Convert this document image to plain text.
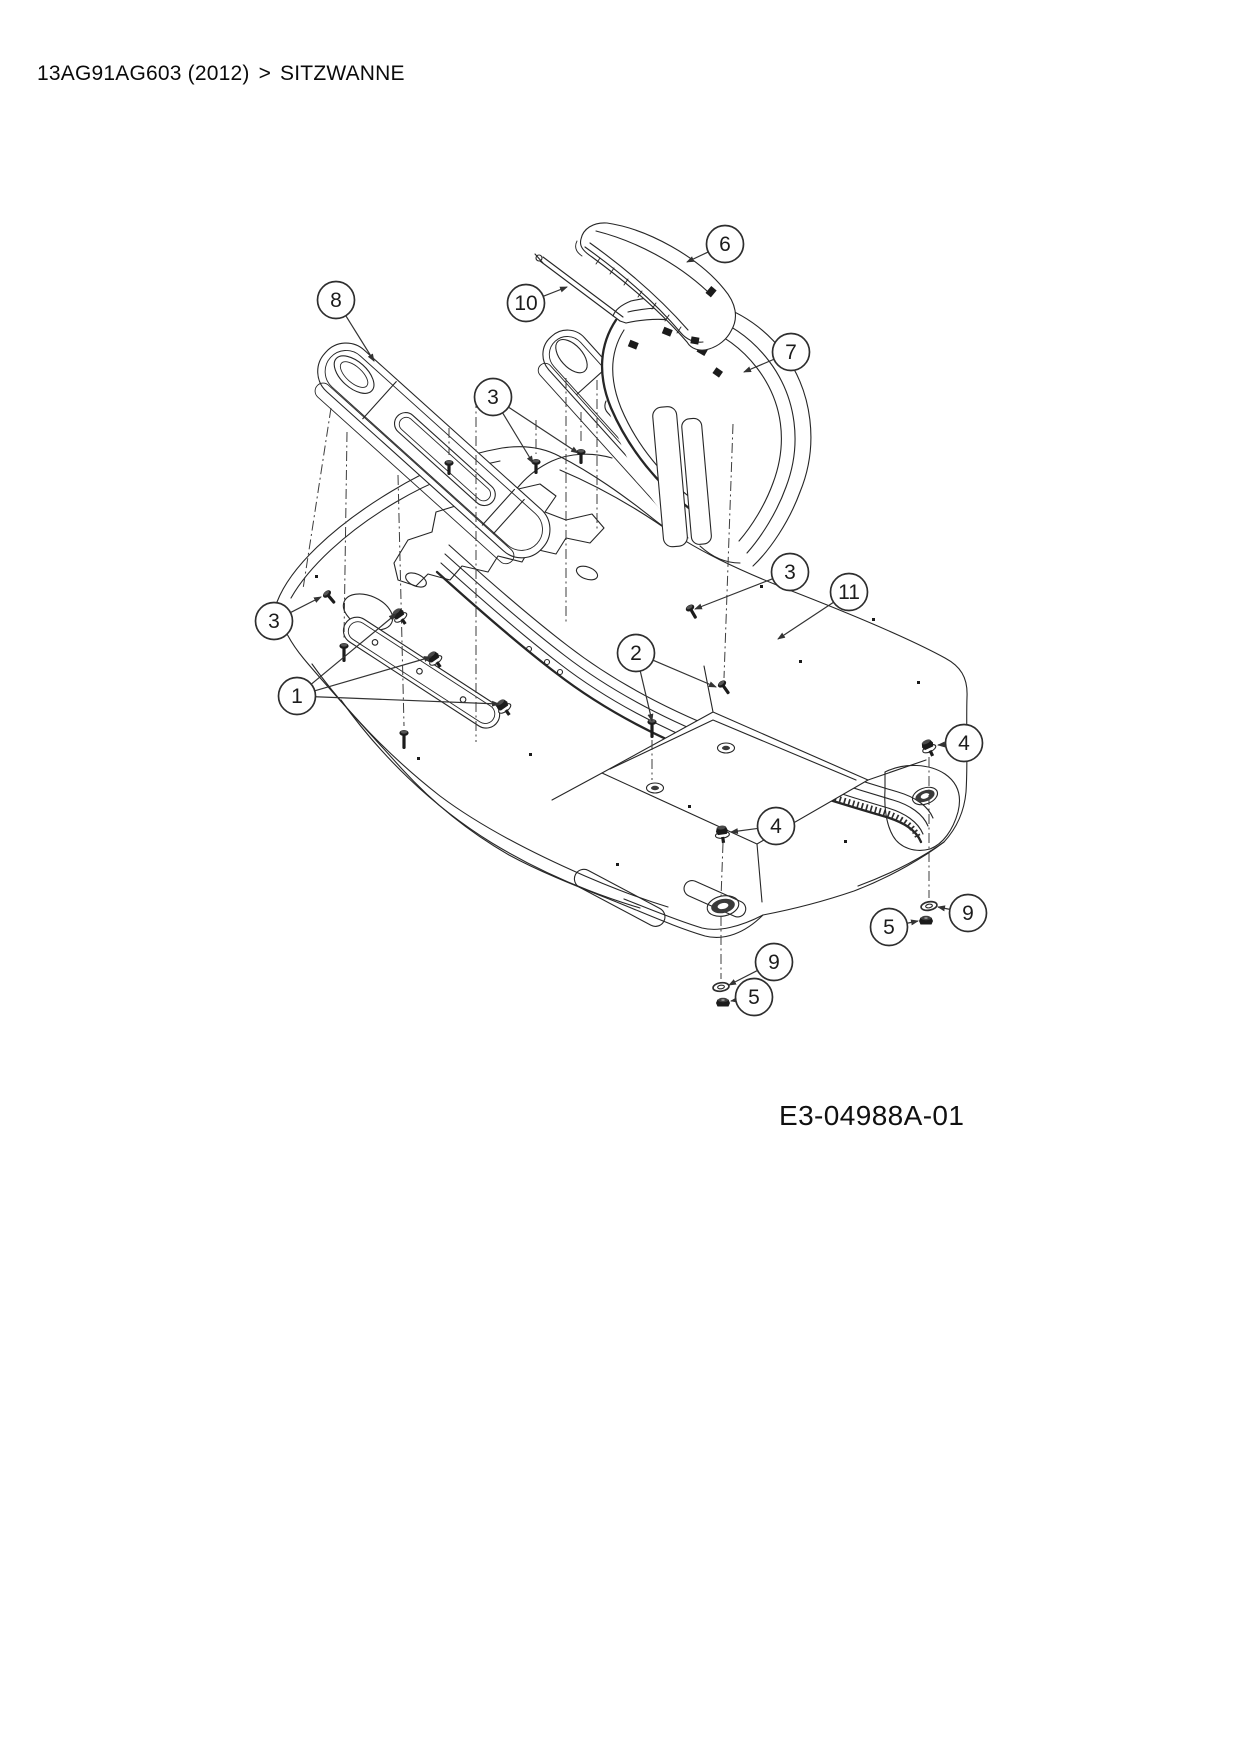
13AG91AG603 (2012) > SITZWANNE
8	10
6
7
3
3
11
3
1
2
4
4
9
5
9
5
E3-04988A-01
